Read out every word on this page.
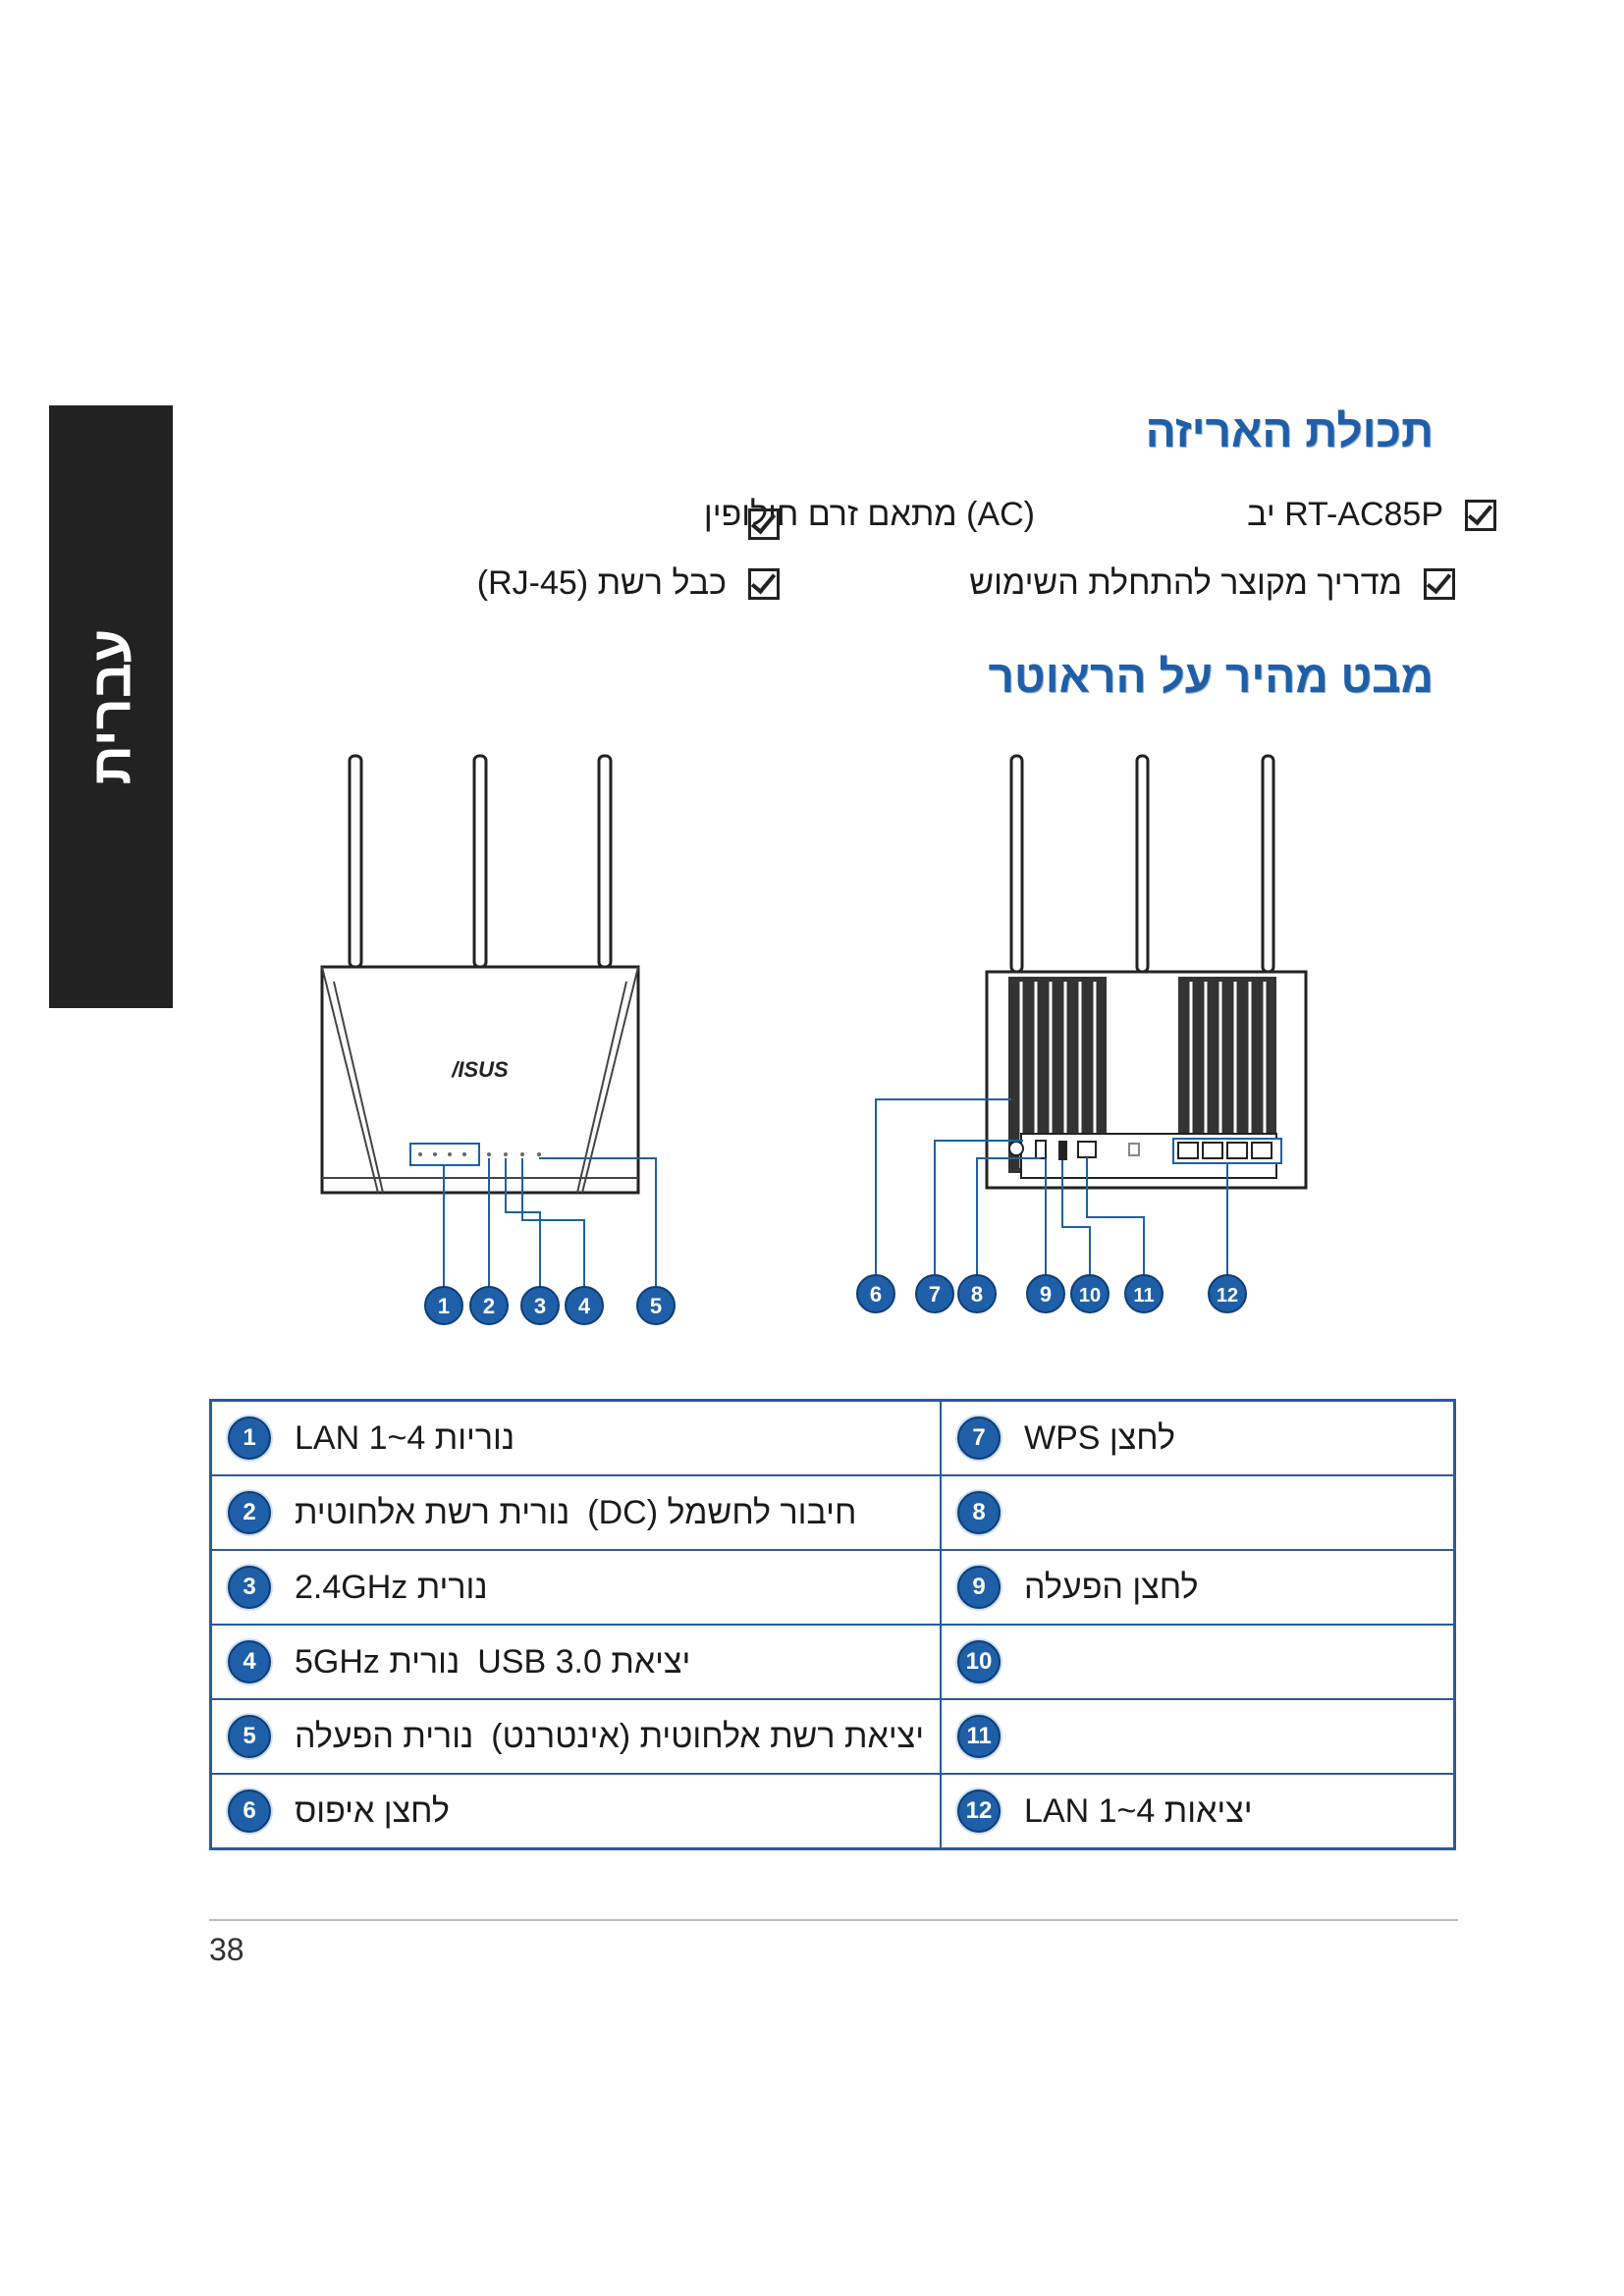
עברית
תכולת האריזה
מבט מהיר על הראוטר
RT-AC85P יב
(AC) מתאם זרם חילופין
כבל רשת (RJ-45)	מדריך מקוצר להתחלת השימוש
/ISUS
1 2 3 4	5	6 7 8	9 10 11	12
1 נוריות LAN 1~4	7 לחצן WPS

2 נורית רשת אלחוטית חיבור לחשמל (DC)	8

3 נורית 2.4GHz	9 לחצן הפעלה

4 נורית 5GHz יציאת USB 3.0	10

5 נורית הפעלה יציאת רשת אלחוטית (אינטרנט)	11

6 לחצן איפוס	12 יציאות LAN 1~4
38
